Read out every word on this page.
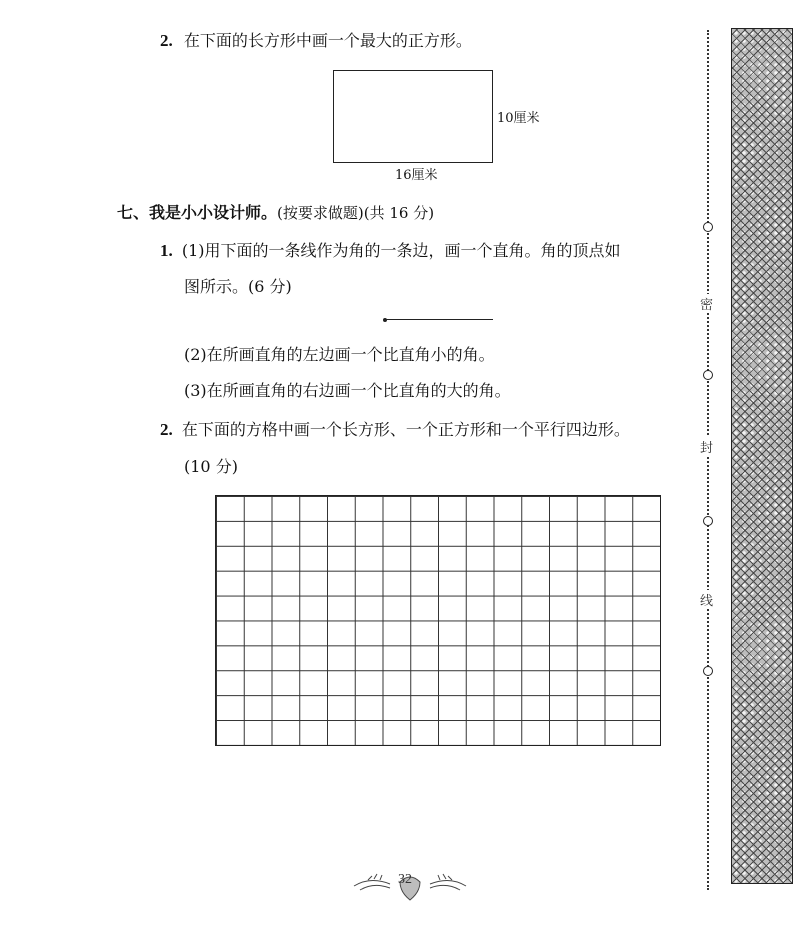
2. 在下面的长方形中画一个最大的正方形。
10厘米
16厘米
七、我是小小设计师。(按要求做题)(共 16 分)
1. (1)用下面的一条线作为角的一条边，画一个直角。角的顶点如
图所示。(6 分)
(2)在所画直角的左边画一个比直角小的角。
(3)在所画直角的右边画一个比直角的大的角。
2. 在下面的方格中画一个长方形、一个正方形和一个平行四边形。
(10 分)
密
封
线
32
